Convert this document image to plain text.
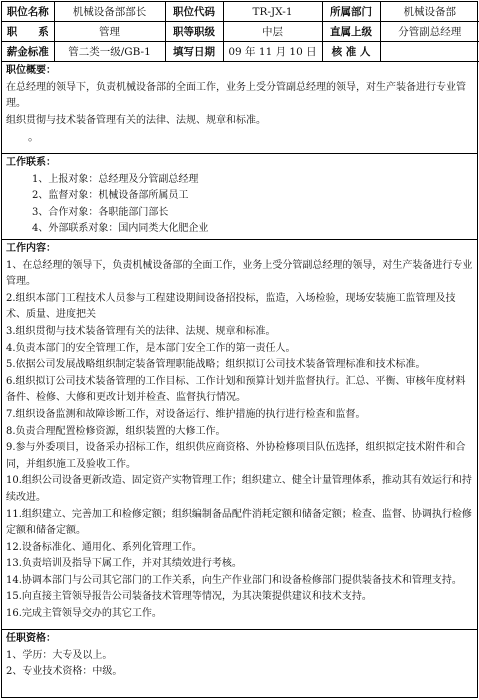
职位名称	机械设备部部长	职位代码	TR-JX-1	所属部门	机械设备部
职　　系	管理	职等职级	中层	直属上级	分管副总经理
薪金标准	管二类一级/GB-1	填写日期	09 年 11 月 10 日	核 准 人	

职位概要：

在总经理的领导下，负责机械设备部的全面工作，业务上受分管副总经理的领导，对生产装备进行专业管理。

组织贯彻与技术装备管理有关的法律、法规、规章和标准。

。

工作联系：

1、上报对象：总经理及分管副总经理

2、监督对象：机械设备部所属员工

3、合作对象：各职能部门部长

4、外部联系对象：国内同类大化肥企业

工作内容：

1、在总经理的领导下，负责机械设备部的全面工作，业务上受分管副总经理的领导，对生产装备进行专业管理。

2.组织本部门工程技术人员参与工程建设期间设备招投标，监造，入场检验，现场安装施工监管理及技术、质量、进度把关

3.组织贯彻与技术装备管理有关的法律、法规、规章和标准。

4.负责本部门的安全管理工作，是本部门安全工作的第一责任人。

5.依据公司发展战略组织制定装备管理职能战略；组织拟订公司技术装备管理标准和技术标准。

6.组织拟订公司技术装备管理的工作目标、工作计划和预算计划并监督执行。汇总、平衡、审核年度材料备件、检修、大修和更改计划并检查、监督执行情况。

7.组织设备监测和故障诊断工作，对设备运行、维护措施的执行进行检查和监督。

8.负责合理配置检修资源，组织装置的大修工作。

9.参与外委项目，设备采办招标工作，组织供应商资格、外协检修项目队伍选择，组织拟定技术附件和合同，并组织施工及验收工作。

10.组织公司设备更新改造、固定资产实物管理工作；组织建立、健全计量管理体系，推动其有效运行和持续改进。

11.组织建立、完善加工和检修定额；组织编制备品配件消耗定额和储备定额；检查、监督、协调执行检修定额和储备定额。

12.设备标准化、通用化、系列化管理工作。

13.负责培训及指导下属工作，并对其绩效进行考核。

14.协调本部门与公司其它部门的工作关系，向生产作业部门和设备检修部门提供装备技术和管理支持。

15.向直接主管领导报告公司装备技术管理等情况，为其决策提供建议和技术支持。

16.完成主管领导交办的其它工作。

任职资格：

1、学历：大专及以上。

2、专业技术资格：中级。
